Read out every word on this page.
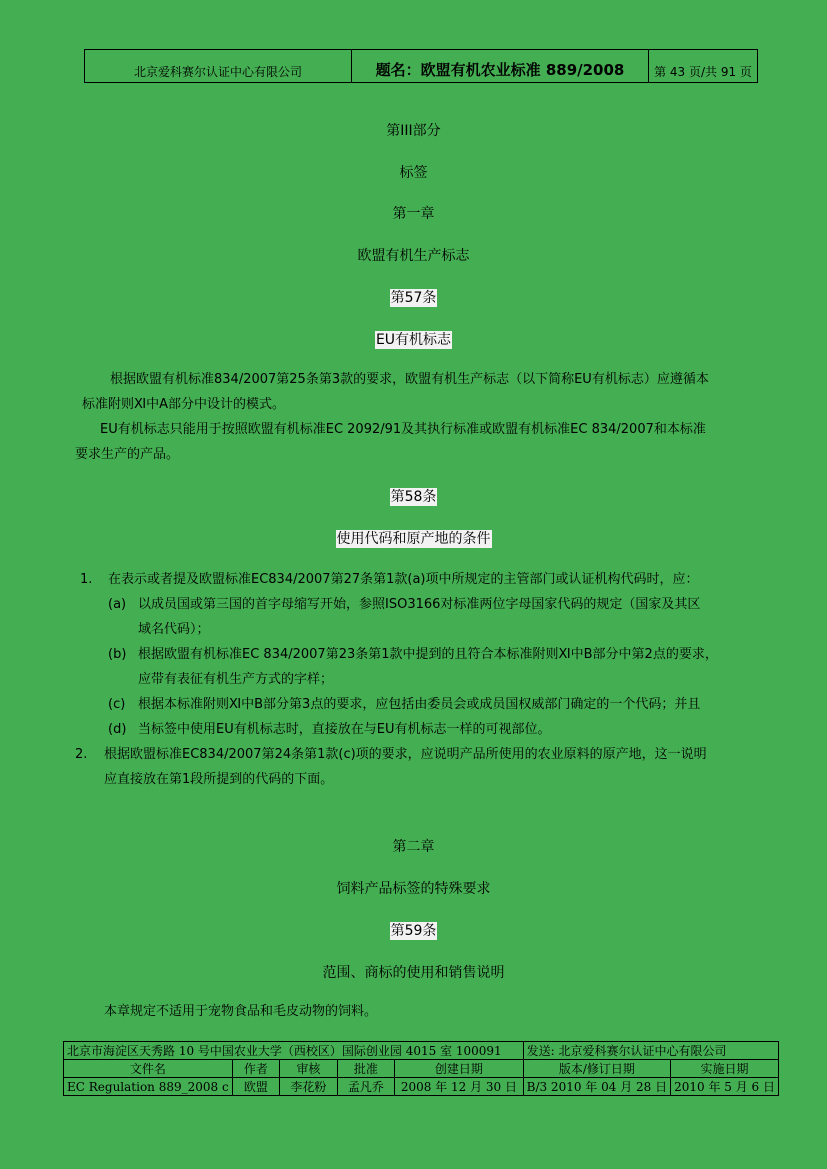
北京爱科赛尔认证中心有限公司	题名：欧盟有机农业标准 889/2008	第 43 页/共 91 页
第III部分
标签
第一章
欧盟有机生产标志
第57条
EU有机标志
根据欧盟有机标准834/2007第25条第3款的要求，欧盟有机生产标志（以下简称EU有机标志）应遵循本
标准附则Ⅺ中A部分中设计的模式。
EU有机标志只能用于按照欧盟有机标准EC 2092/91及其执行标准或欧盟有机标准EC 834/2007和本标准
要求生产的产品。
第58条
使用代码和原产地的条件
1. 在表示或者提及欧盟标准EC834/2007第27条第1款(a)项中所规定的主管部门或认证机构代码时，应：
(a) 以成员国或第三国的首字母缩写开始，参照ISO3166对标准两位字母国家代码的规定（国家及其区
域名代码）；
(b) 根据欧盟有机标准EC 834/2007第23条第1款中提到的且符合本标准附则Ⅺ中B部分中第2点的要求，
应带有表征有机生产方式的字样；
(c) 根据本标准附则Ⅺ中B部分第3点的要求，应包括由委员会或成员国权威部门确定的一个代码；并且
(d) 当标签中使用EU有机标志时，直接放在与EU有机标志一样的可视部位。
2. 根据欧盟标准EC834/2007第24条第1款(c)项的要求，应说明产品所使用的农业原料的原产地，这一说明
应直接放在第1段所提到的代码的下面。
第二章
饲料产品标签的特殊要求
第59条
范围、商标的使用和销售说明
本章规定不适用于宠物食品和毛皮动物的饲料。
北京市海淀区天秀路 10 号中国农业大学（西校区）国际创业园 4015 室 100091					发送: 北京爱科赛尔认证中心有限公司	
文件名	作者	审核	批准	创建日期	版本/修订日期	实施日期
EC Regulation 889_2008 c	欧盟	李花粉	孟凡乔	2008 年 12 月 30 日	B/3 2010 年 04 月 28 日	2010 年 5 月 6 日
